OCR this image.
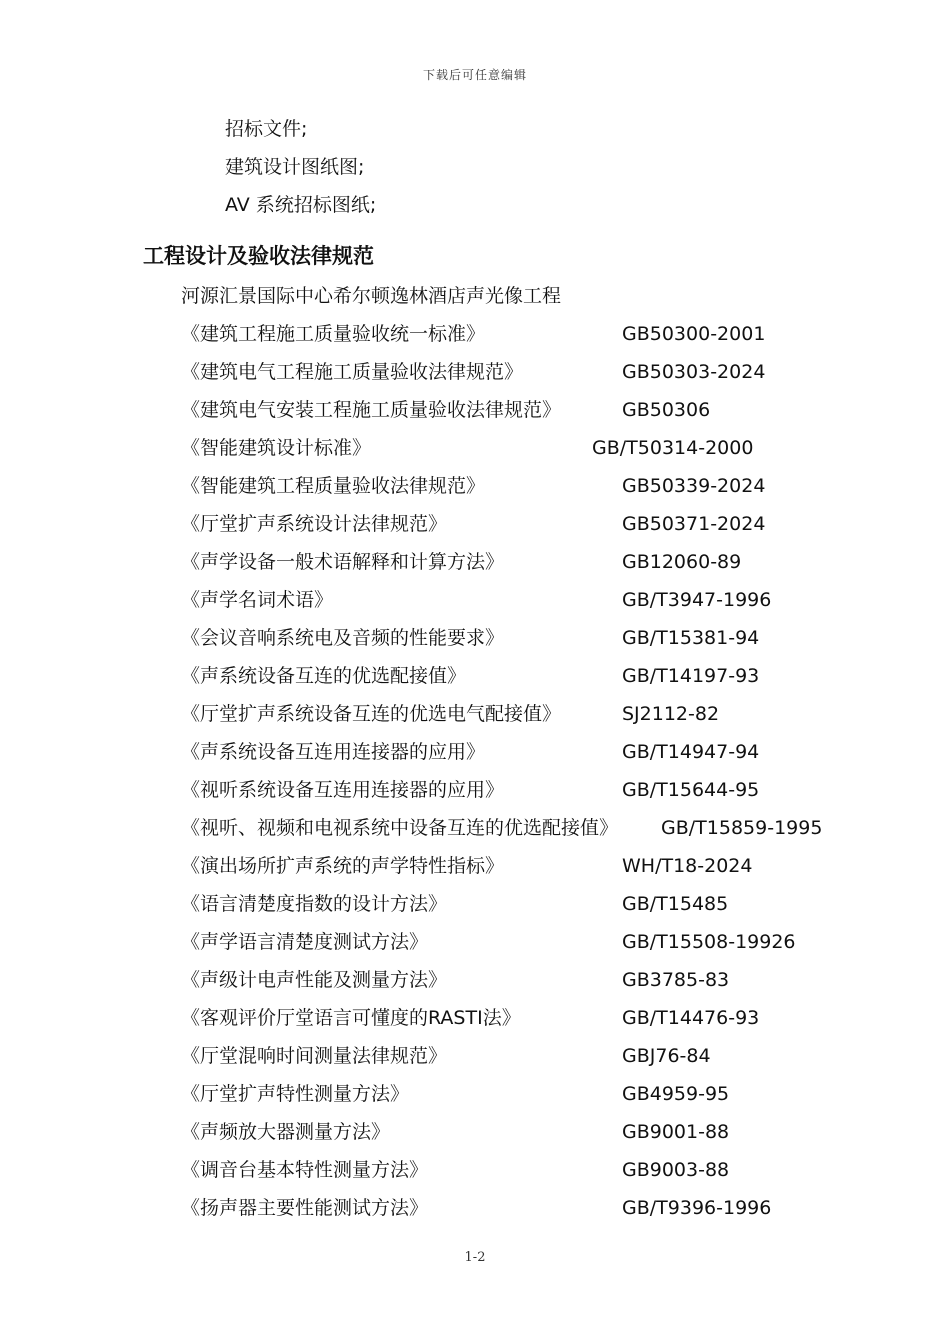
下载后可任意编辑
招标文件;
建筑设计图纸图;
AV 系统招标图纸;
工程设计及验收法律规范
河源汇景国际中心希尔顿逸林酒店声光像工程
《建筑工程施工质量验收统一标准》	GB50300-2001
《建筑电气工程施工质量验收法律规范》	GB50303-2024
《建筑电气安装工程施工质量验收法律规范》	GB50306
《智能建筑设计标准》	GB/T50314-2000
《智能建筑工程质量验收法律规范》	GB50339-2024
《厅堂扩声系统设计法律规范》	GB50371-2024
《声学设备一般术语解释和计算方法》	GB12060-89
《声学名词术语》	GB/T3947-1996
《会议音响系统电及音频的性能要求》	GB/T15381-94
《声系统设备互连的优选配接值》	GB/T14197-93
《厅堂扩声系统设备互连的优选电气配接值》	SJ2112-82
《声系统设备互连用连接器的应用》	GB/T14947-94
《视听系统设备互连用连接器的应用》	GB/T15644-95
《视听、视频和电视系统中设备互连的优选配接值》 GB/T15859-1995
《演出场所扩声系统的声学特性指标》	WH/T18-2024
《语言清楚度指数的设计方法》	GB/T15485
《声学语言清楚度测试方法》	GB/T15508-19926
《声级计电声性能及测量方法》	GB3785-83
《客观评价厅堂语言可懂度的RASTI法》	GB/T14476-93
《厅堂混响时间测量法律规范》	GBJ76-84
《厅堂扩声特性测量方法》	GB4959-95
《声频放大器测量方法》	GB9001-88
《调音台基本特性测量方法》	GB9003-88
《扬声器主要性能测试方法》	GB/T9396-1996
1-2
